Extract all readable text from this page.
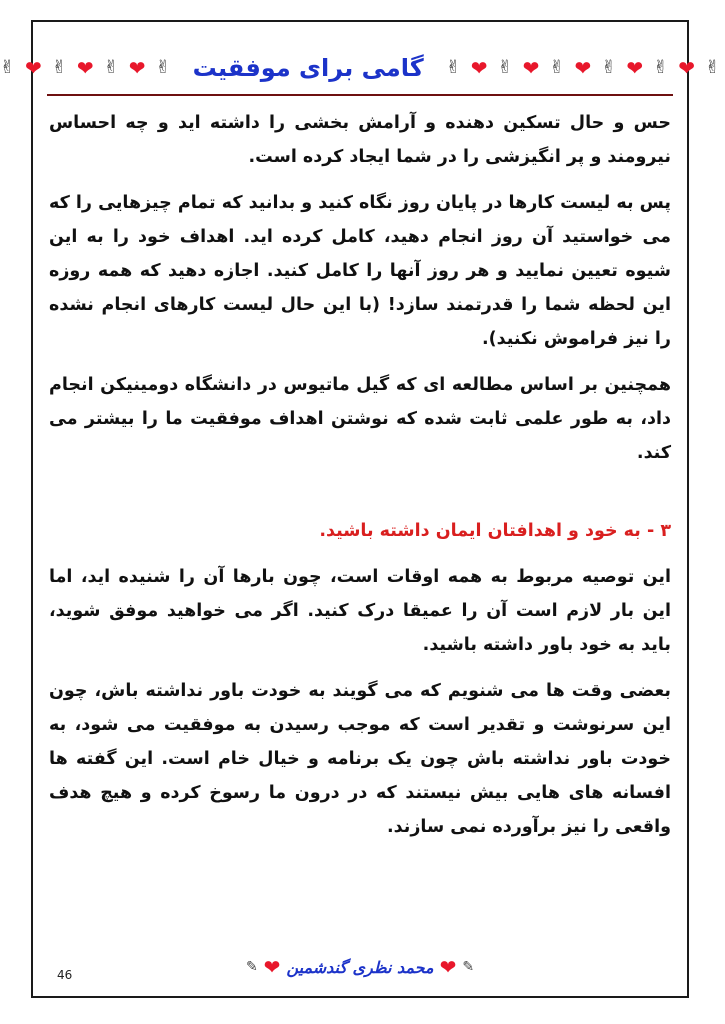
✌
❤
✌
❤
✌
❤
✌
❤
✌
❤
✌
گامی برای موفقیت
✌
❤
✌
❤
✌
❤
✌

حس و حال تسکین دهنده و آرامش بخشی را داشته اید و چه احساس نیرومند و پر انگیزشی را در شما ایجاد کرده است.

پس به لیست کارها در پایان روز نگاه کنید و بدانید که تمام چیزهایی را که می خواستید آن روز انجام دهید، کامل کرده اید. اهداف خود را به این شیوه تعیین نمایید و هر روز آنها را کامل کنید. اجازه دهید که همه روزه این لحظه شما را قدرتمند سازد! (با این حال لیست کارهای انجام نشده را نیز فراموش نکنید).

همچنین بر اساس مطالعه ای که گیل ماتیوس در دانشگاه دومینیکن انجام داد، به طور علمی ثابت شده که نوشتن اهداف موفقیت ما را بیشتر می کند.

۳ - به خود و اهدافتان ایمان داشته باشید.

این توصیه مربوط به همه اوقات است، چون بارها آن را شنیده اید، اما این بار لازم است آن را عمیقا درک کنید. اگر می خواهید موفق شوید، باید به خود باور داشته باشید.

بعضی وقت ها می شنویم که می گویند به خودت باور نداشته باش، چون این سرنوشت و تقدیر است که موجب رسیدن به موفقیت می شود، به خودت باور نداشته باش چون یک برنامه و خیال خام است. این گفته ها افسانه های هایی بیش نیستند که در درون ما رسوخ کرده و هیچ هدف واقعی را نیز برآورده نمی سازند.

✎
❤
محمد نظری گندشمین
❤
✎
46
